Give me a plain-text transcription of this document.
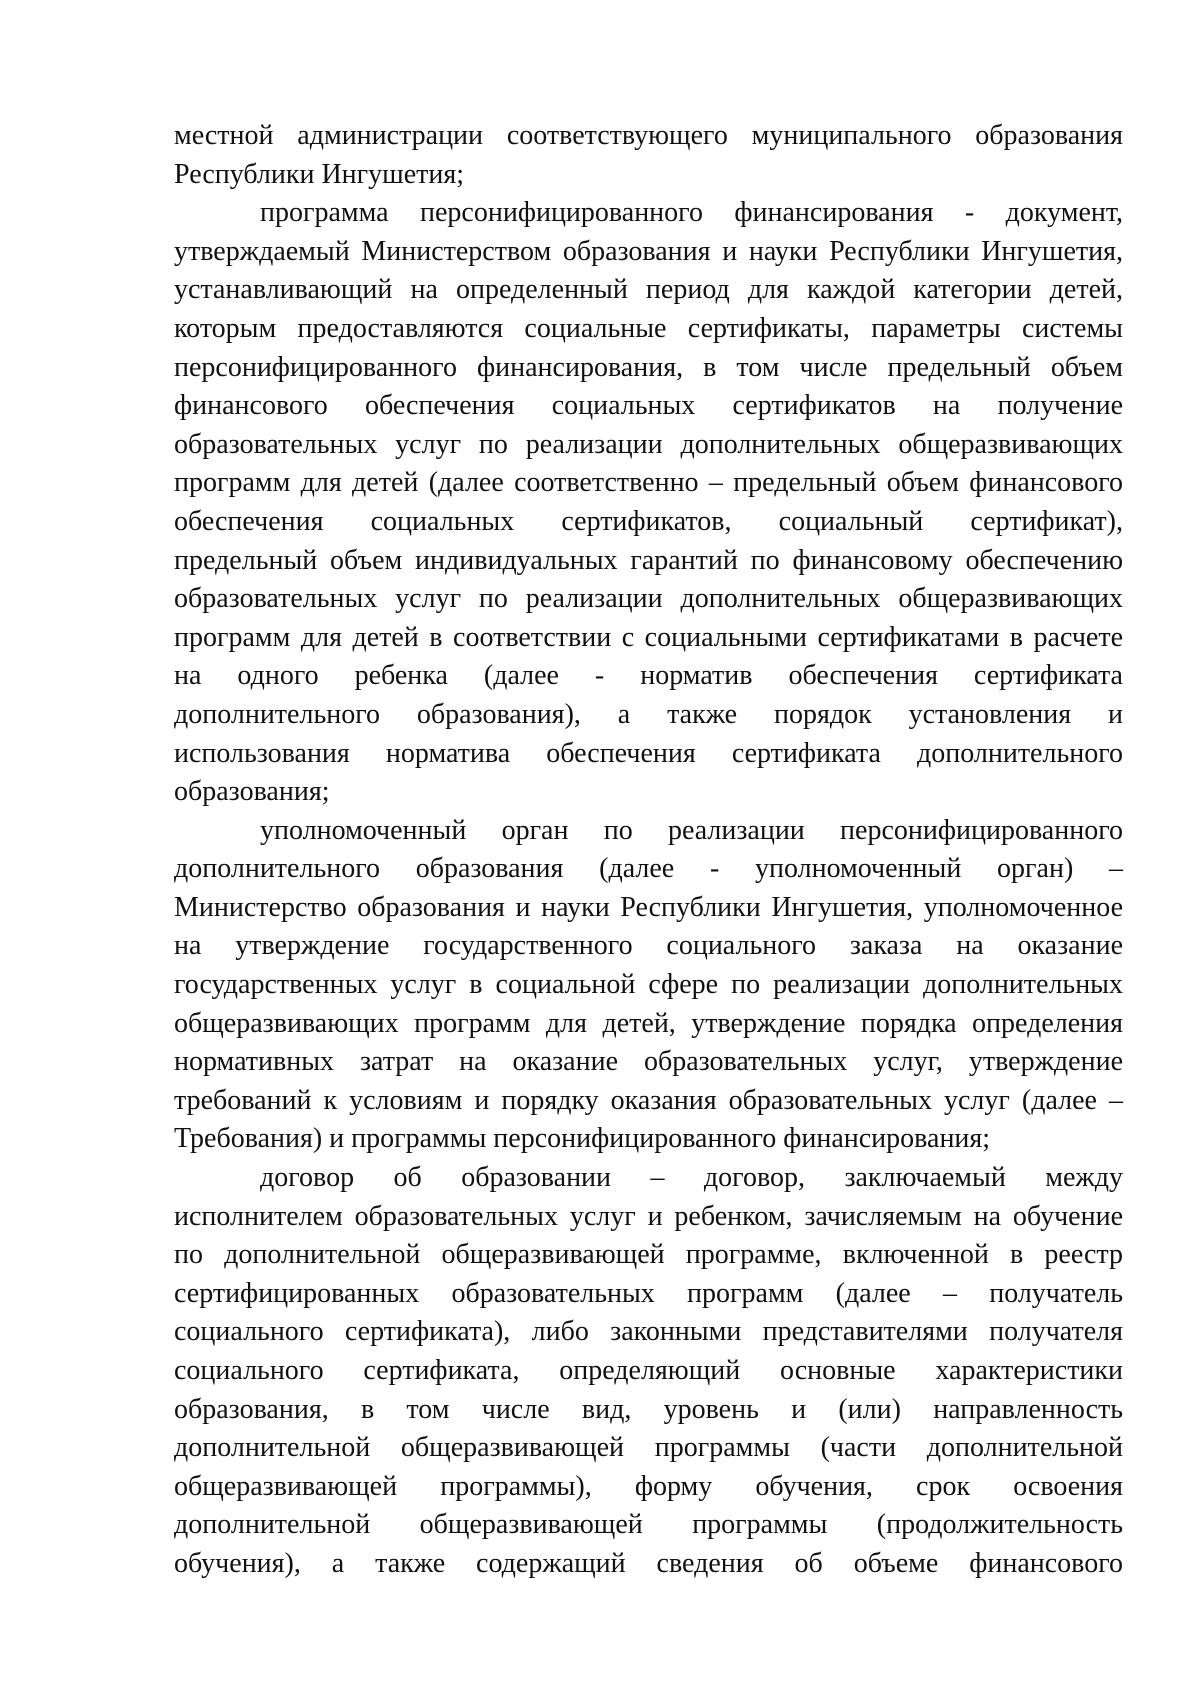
местной администрации соответствующего муниципального образования
Республики Ингушетия;
программа персонифицированного финансирования - документ,
утверждаемый Министерством образования и науки Республики Ингушетия,
устанавливающий на определенный период для каждой категории детей,
которым предоставляются социальные сертификаты, параметры системы
персонифицированного финансирования, в том числе предельный объем
финансового обеспечения социальных сертификатов на получение
образовательных услуг по реализации дополнительных общеразвивающих
программ для детей (далее соответственно – предельный объем финансового
обеспечения социальных сертификатов, социальный сертификат),
предельный объем индивидуальных гарантий по финансовому обеспечению
образовательных услуг по реализации дополнительных общеразвивающих
программ для детей в соответствии с социальными сертификатами в расчете
на одного ребенка (далее - норматив обеспечения сертификата
дополнительного образования), а также порядок установления и
использования норматива обеспечения сертификата дополнительного
образования;
уполномоченный орган по реализации персонифицированного
дополнительного образования (далее - уполномоченный орган) –
Министерство образования и науки Республики Ингушетия, уполномоченное
на утверждение государственного социального заказа на оказание
государственных услуг в социальной сфере по реализации дополнительных
общеразвивающих программ для детей, утверждение порядка определения
нормативных затрат на оказание образовательных услуг, утверждение
требований к условиям и порядку оказания образовательных услуг (далее –
Требования) и программы персонифицированного финансирования;
договор об образовании – договор, заключаемый между
исполнителем образовательных услуг и ребенком, зачисляемым на обучение
по дополнительной общеразвивающей программе, включенной в реестр
сертифицированных образовательных программ (далее – получатель
социального сертификата), либо законными представителями получателя
социального сертификата, определяющий основные характеристики
образования, в том числе вид, уровень и (или) направленность
дополнительной общеразвивающей программы (части дополнительной
общеразвивающей программы), форму обучения, срок освоения
дополнительной общеразвивающей программы (продолжительность
обучения), а также содержащий сведения об объеме финансового
